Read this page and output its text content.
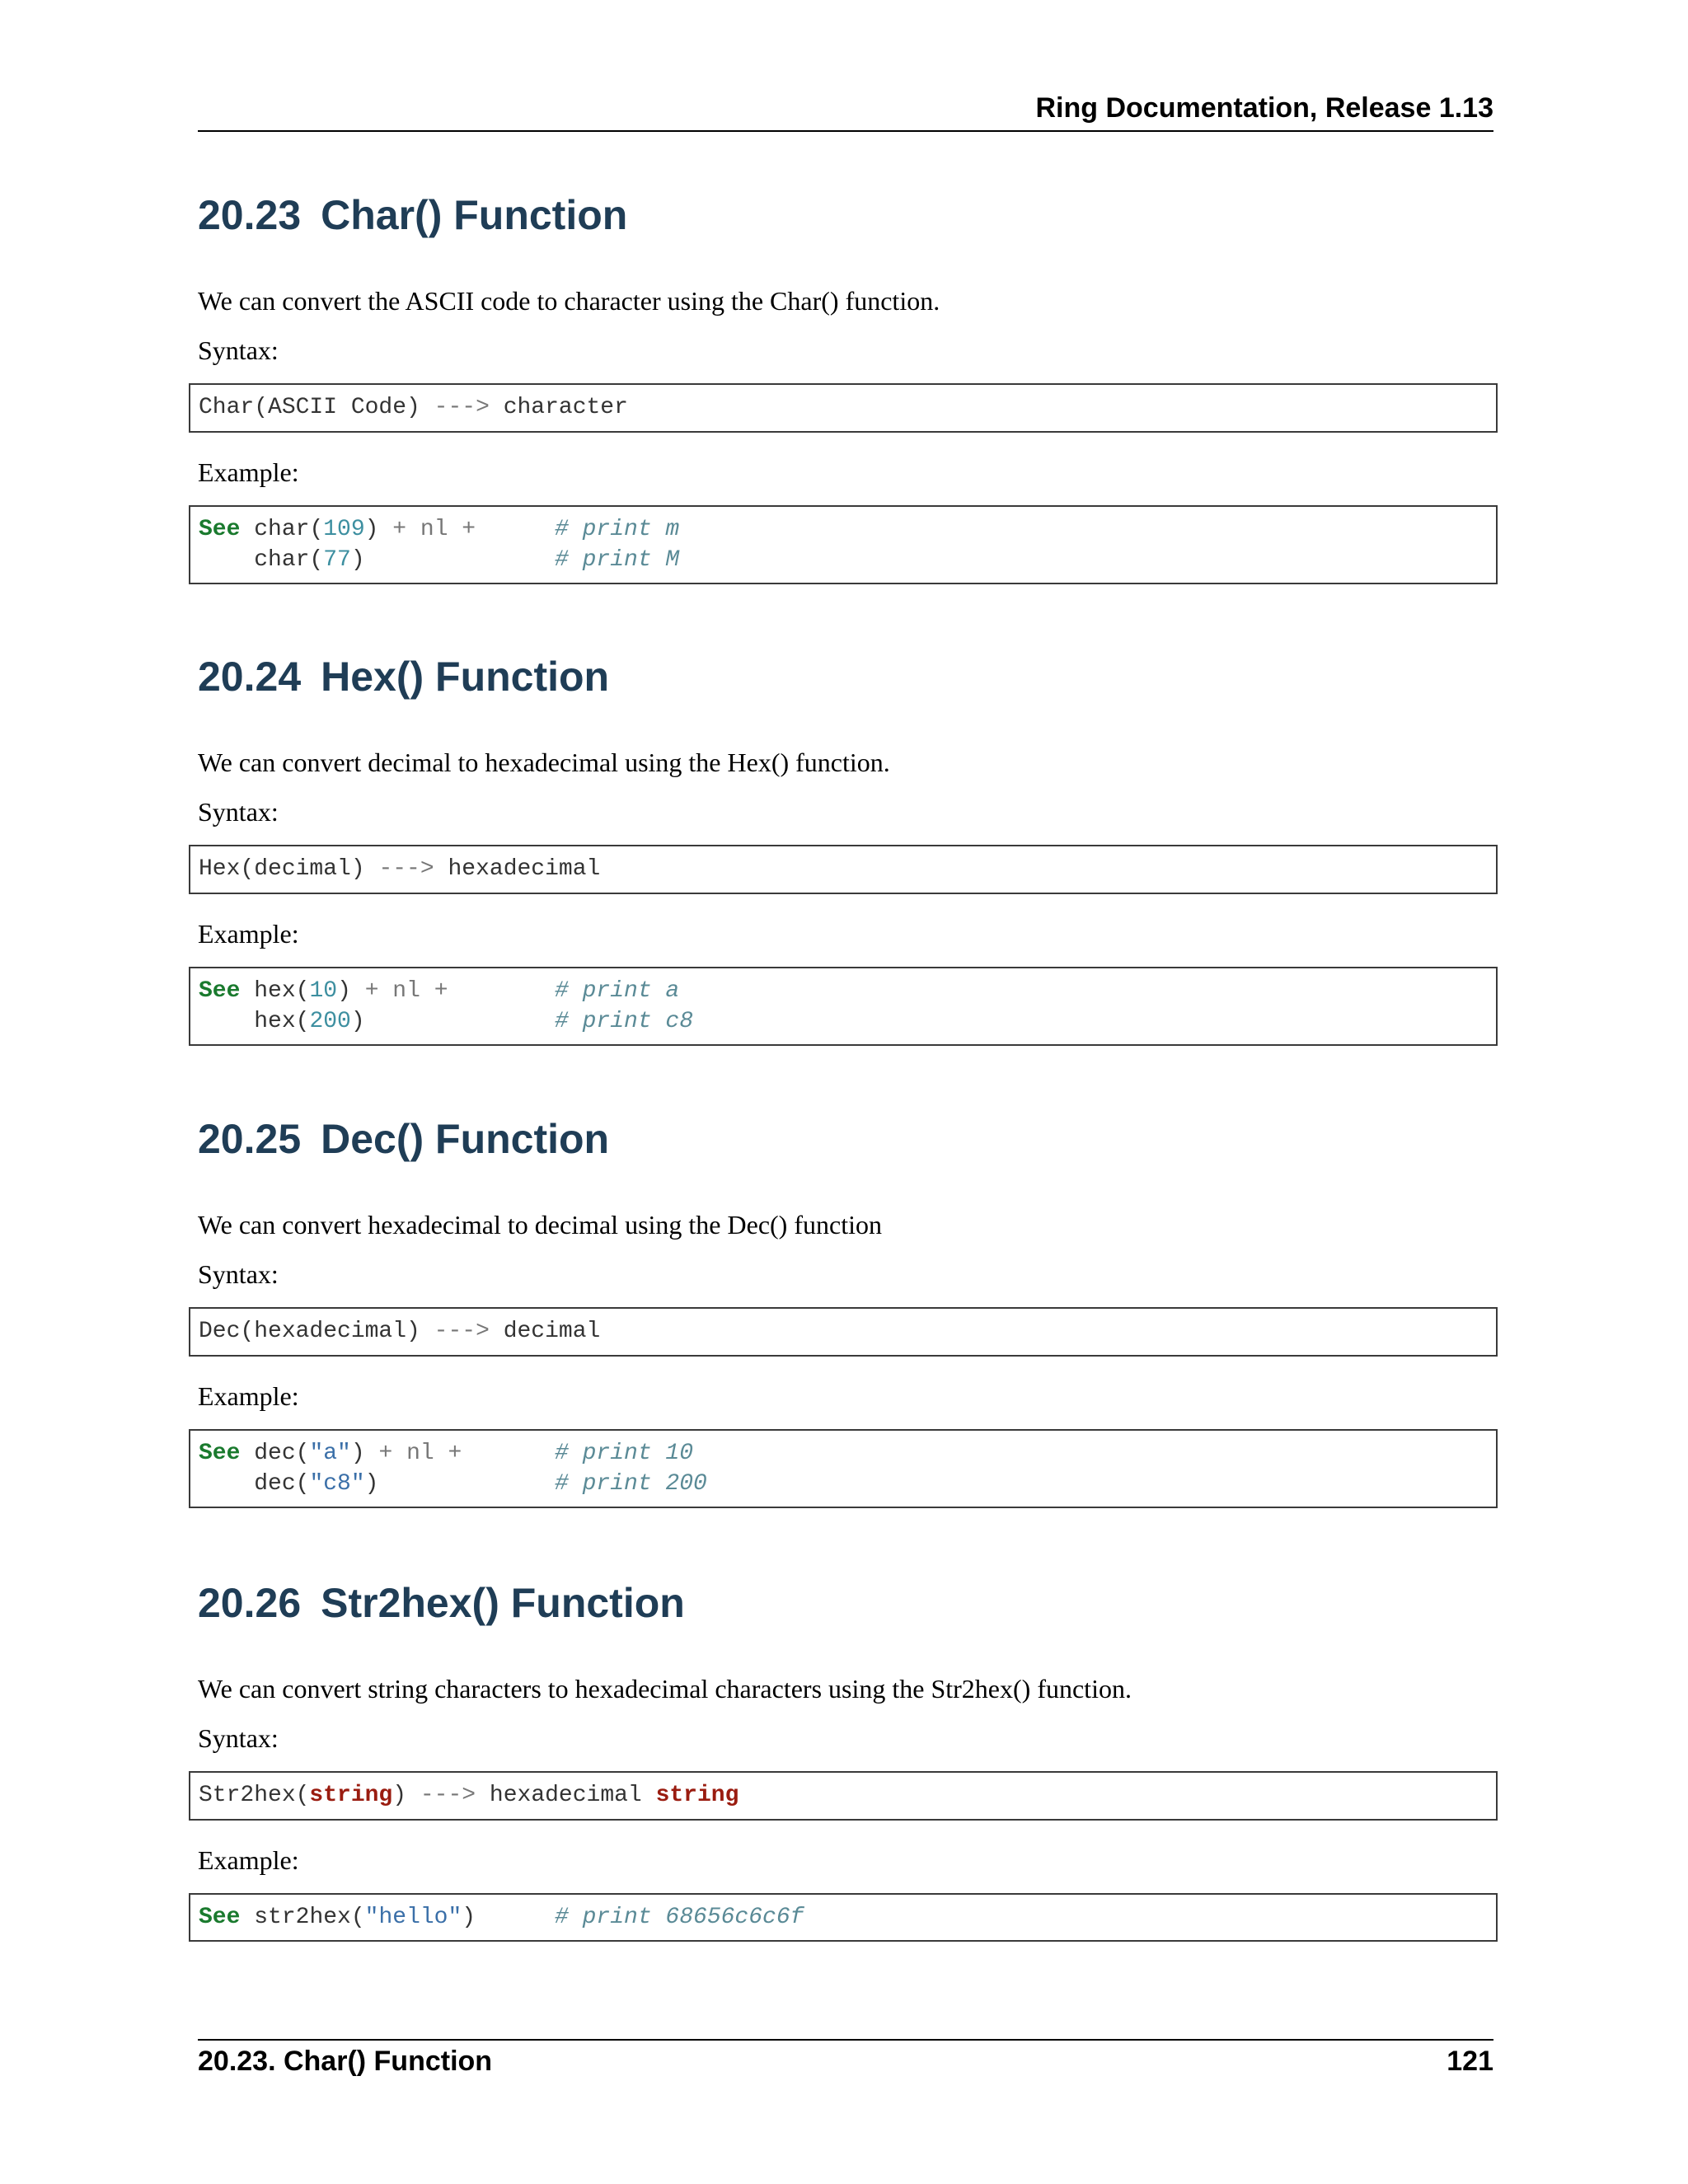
Ring Documentation, Release 1.13
20.23 Char() Function

We can convert the ASCII code to character using the Char() function.

Syntax:

Char(ASCII Code) ---> character

Example:

See char(109) + nl +	# print m
char(77)	# print M
20.24 Hex() Function

We can convert decimal to hexadecimal using the Hex() function.

Syntax:

Hex(decimal) ---> hexadecimal

Example:

See hex(10) + nl +	# print a
hex(200)	# print c8
20.25 Dec() Function

We can convert hexadecimal to decimal using the Dec() function

Syntax:

Dec(hexadecimal) ---> decimal

Example:

See dec("a") + nl +	# print 10
dec("c8")	# print 200
20.26 Str2hex() Function

We can convert string characters to hexadecimal characters using the Str2hex() function.

Syntax:

Str2hex(string) ---> hexadecimal string

Example:

See str2hex("hello")	# print 68656c6c6f
20.23. Char() Function	121
